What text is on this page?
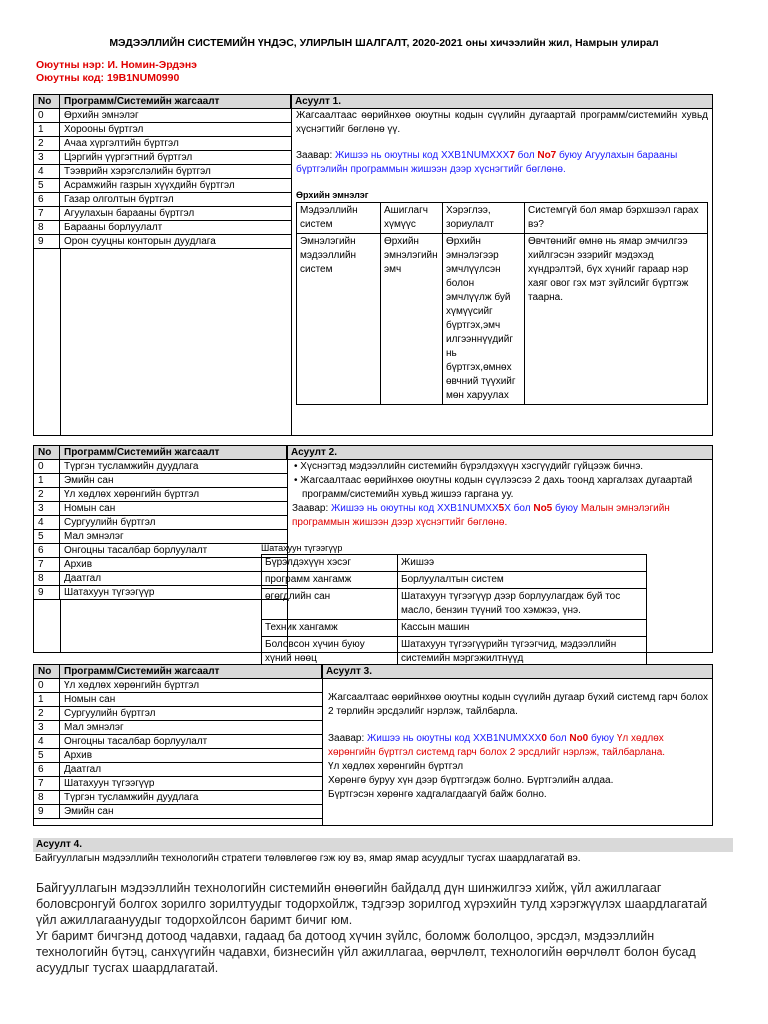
МЭДЭЭЛЛИЙН СИСТЕМИЙН ҮНДЭС, УЛИРЛЫН ШАЛГАЛТ, 2020-2021 оны хичээлийн жил, Намрын улирал
Оюутны нэр: И. Номин-Эрдэнэ
Оюутны код: 19B1NUM0990
No	Программ/Системийн жагсаалт	Асуулт 1.
0	Өрхийн эмнэлэг
1	Хорооны бүртгэл
2	Ачаа хүргэлтийн бүртгэл
3	Цэргийн үүргэгтний бүртгэл
4	Тээврийн хэрэгслэлийн бүртгэл
5	Асрамжийн газрын хүүхдийн бүртгэл
6	Газар олголтын бүртгэл
7	Агуулахын барааны бүртгэл
8	Барааны борлуулалт
9	Орон сууцны конторын дуудлага
Жагсаалтаас өөрийнхөө оюутны кодын сүүлийн дугаартай программ/системийн хувьд хүснэгтийг бөглөнө үү.
Заавар: Жишээ нь оюутны код XXB1NUMXXX7 бол No7 буюу Агуулахын барааны бүртгэлийн программын жишээн дээр хүснэгтийг бөглөнө.
Өрхийн эмнэлэг
Мэдээллийн систем	Ашиглагч хүмүүс	Хэрэглээ, зориулалт	Системгүй бол ямар бэрхшээл гарах вэ?
Эмнэлэгийн мэдээллийн систем	Өрхийн эмнэлэгийн эмч	Өрхийн эмнэлэгээр эмчлүүлсэн болон эмчлүүлж буй хүмүүсийг бүртгэх,эмч илгээннүүдийг нь бүртгэх,өмнөх өвчний түүхийг мөн харуулах	Өвчтөнийг өмнө нь ямар эмчилгээ хийлгэсэн эзэрийг мэдэхэд хүндрэлтэй, бүх хүнийг гараар нэр хаяг овог гэх мэт зүйлсийг бүртгэж таарна.
No	Программ/Системийн жагсаалт	Асуулт 2.
0	Түргэн тусламжийн дуудлага
1	Эмийн сан
2	Үл хөдлөх хөрөнгийн бүртгэл
3	Номын сан
4	Сургуулийн бүртгэл
5	Мал эмнэлэг
6	Онгоцны тасалбар борлуулалт
7	Архив
8	Даатгал
9	Шатахуун түгээгүүр
• Хүснэгтэд мэдээллийн системийн бүрэлдэхүүн хэсгүүдийг гүйцээж бичнэ.
• Жагсаалтаас өөрийнхөө оюутны кодын сүүлээсээ 2 дахь тоонд харгалзах дугаартай программ/системийн хувьд жишээ гаргана уу.
Заавар: Жишээ нь оюутны код XXB1NUMXX5X бол No5 буюу Малын эмнэлэгийн программын жишээн дээр хүснэгтийг бөглөнө.
Шатахуун түгээгүүр
Бүрэлдэхүүн хэсэг	Жишээ
программ хангамж	Борлуулалтын систем
өгөгдлийн сан	Шатахуун түгээгүүр дээр борлуулагдаж буй тос масло, бензин түүний тоо хэмжээ, үнэ.
Техник хангамж	Кассын машин
Боловсон хүчин буюу хүний нөөц	Шатахуун түгээгүүрийн түгээгчид, мэдээллийн системийн мэргэжилтнүүд
No	Программ/Системийн жагсаалт	Асуулт 3.
0	Үл хөдлөх хөрөнгийн бүртгэл
1	Номын сан
2	Сургуулийн бүртгэл
3	Мал эмнэлэг
4	Онгоцны тасалбар борлуулалт
5	Архив
6	Даатгал
7	Шатахуун түгээгүүр
8	Түргэн тусламжийн дуудлага
9	Эмийн сан
Жагсаалтаас өөрийнхөө оюутны кодын сүүлийн дугаар бүхий системд гарч болох 2 төрлийн эрсдэлийг нэрлэж, тайлбарла.
Заавар: Жишээ нь оюутны код XXB1NUMXXX0 бол No0 буюу Үл хөдлөх хөрөнгийн бүртгэл системд гарч болох 2 эрсдлийг нэрлэж, тайлбарлана.
Үл хөдлөх хөрөнгийн бүртгэл
Хөрөнгө буруу хүн дээр бүртгэгдэж болно. Бүртгэлийн алдаа.
Бүртгэсэн хөрөнгө хадгалагдаагүй байж болно.
Асуулт 4.
Байгууллагын мэдээллийн технологийн стратеги төлөвлөгөө гэж юу вэ, ямар ямар асуудлыг тусгах шаардлагатай вэ.
Байгууллагын мэдээллийн технологийн системийн өнөөгийн байдалд дүн шинжилгээ хийж, үйл ажиллагааг боловсронгуй болгох зорилго зорилтуудыг тодорхойлж, тэдгээр зорилгод хүрэхийн тулд хэрэгжүүлэх шаардлагатай үйл ажиллагаануудыг тодорхойлсон баримт бичиг юм.
Уг баримт бичгэнд дотоод чадавхи, гадаад ба дотоод хүчин зүйлс, боломж бололцоо, эрсдэл, мэдээллийн технологийн бүтэц, санхүүгийн чадавхи, бизнесийн үйл ажиллагаа, өөрчлөлт, технологийн өөрчлөлт болон бусад асуудлыг тусгах шаардлагатай.
